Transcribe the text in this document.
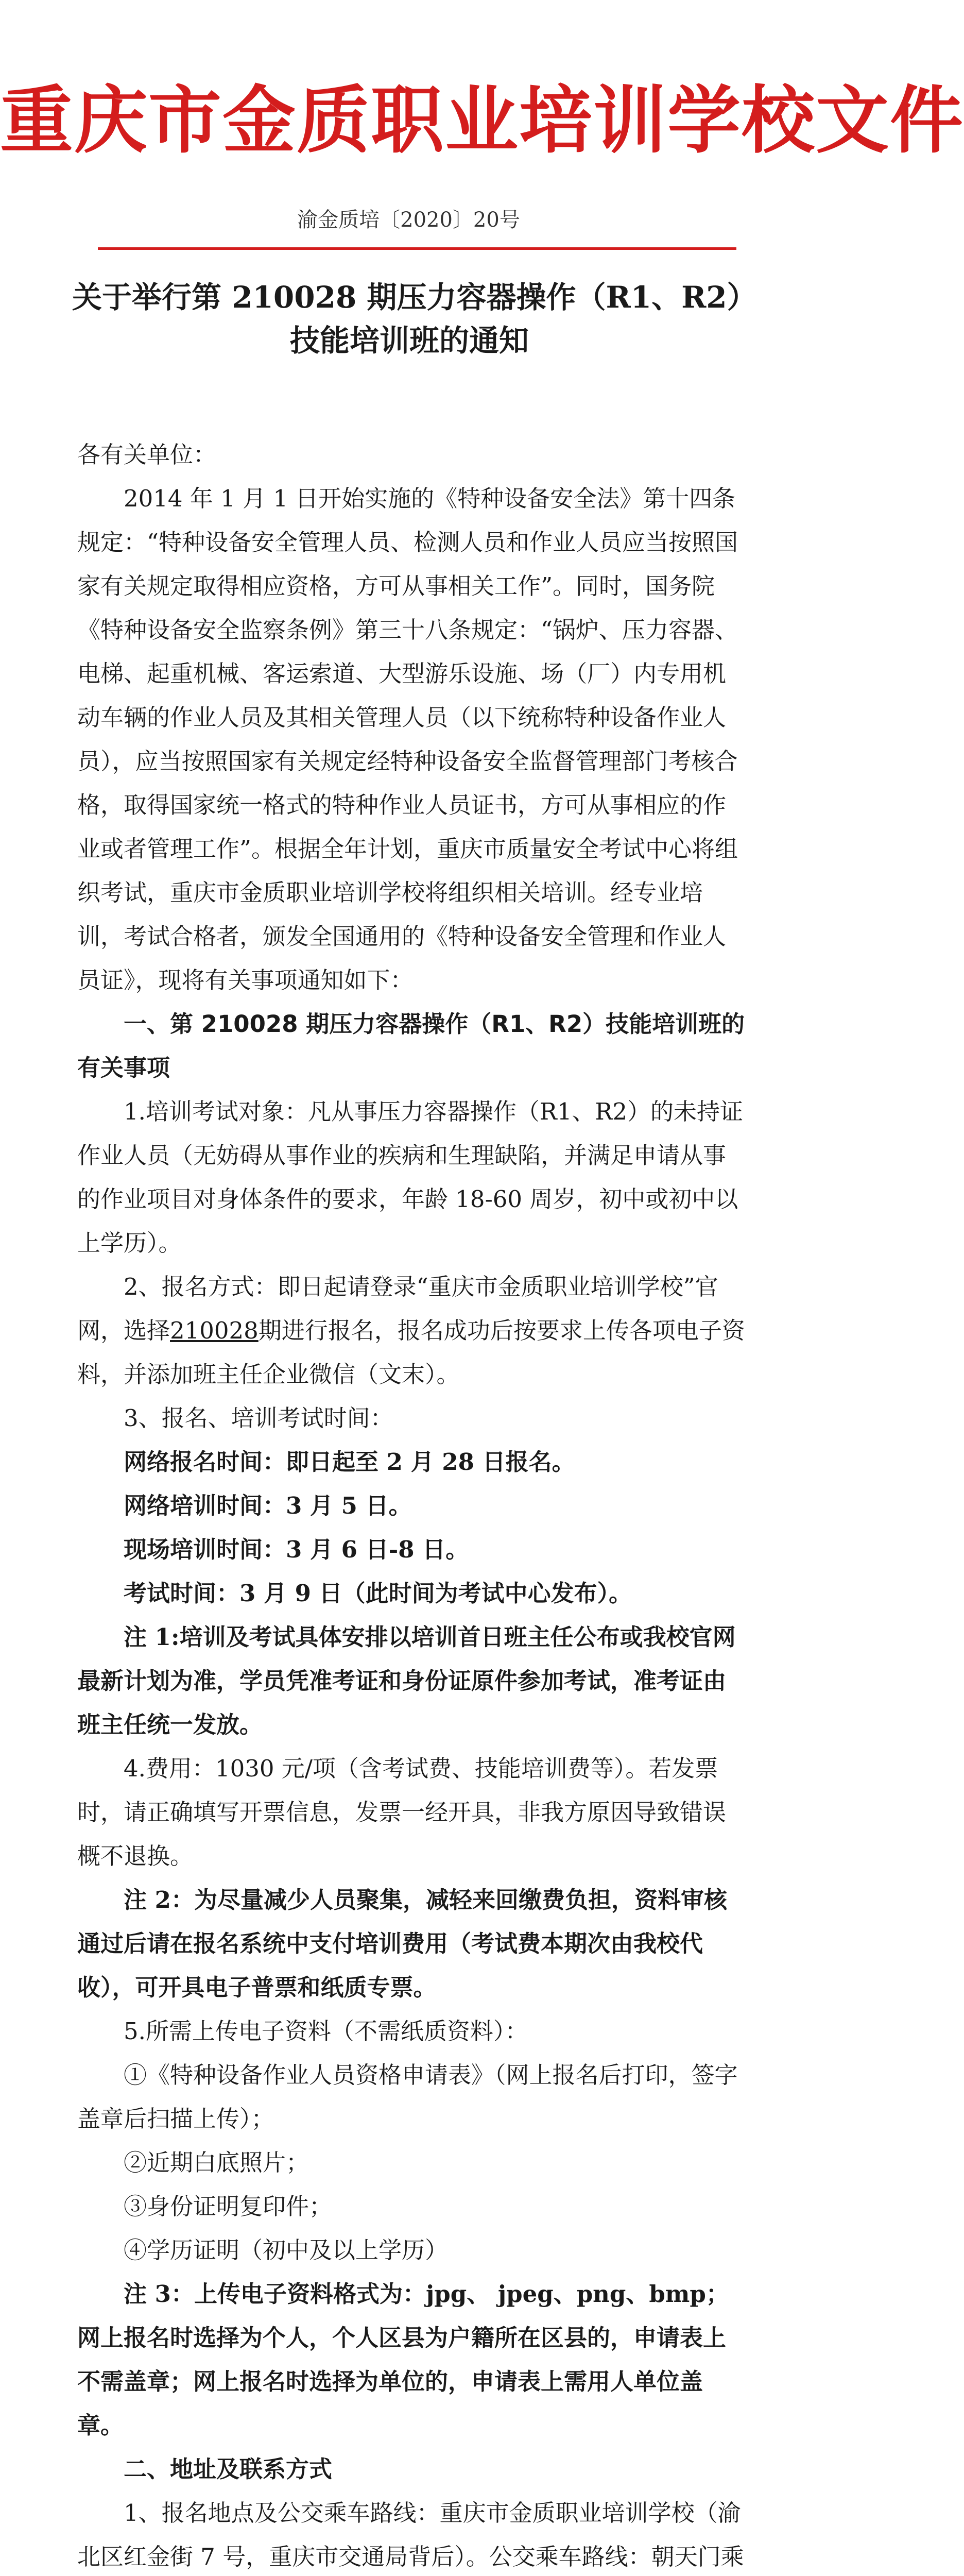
重庆市金质职业培训学校文件
渝金质培〔2020〕20号
关于举行第 210028 期压力容器操作（R1、R2）
技能培训班的通知

各有关单位：

2014 年 1 月 1 日开始实施的《特种设备安全法》第十四条规定：“特种设备安全管理人员、检测人员和作业人员应当按照国家有关规定取得相应资格，方可从事相关工作”。同时，国务院《特种设备安全监察条例》第三十八条规定：“锅炉、压力容器、电梯、起重机械、客运索道、大型游乐设施、场（厂）内专用机动车辆的作业人员及其相关管理人员（以下统称特种设备作业人员），应当按照国家有关规定经特种设备安全监督管理部门考核合格，取得国家统一格式的特种作业人员证书，方可从事相应的作业或者管理工作”。根据全年计划，重庆市质量安全考试中心将组织考试，重庆市金质职业培训学校将组织相关培训。经专业培训，考试合格者，颁发全国通用的《特种设备安全管理和作业人员证》，现将有关事项通知如下：

一、第 210028 期压力容器操作（R1、R2）技能培训班的有关事项

1.培训考试对象：凡从事压力容器操作（R1、R2）的未持证作业人员（无妨碍从事作业的疾病和生理缺陷，并满足申请从事的作业项目对身体条件的要求，年龄 18-60 周岁，初中或初中以上学历）。

2、报名方式：即日起请登录“重庆市金质职业培训学校”官网，选择210028期进行报名，报名成功后按要求上传各项电子资料，并添加班主任企业微信（文末）。

3、报名、培训考试时间：

网络报名时间：即日起至 2 月 28 日报名。

网络培训时间：3 月 5 日。

现场培训时间：3 月 6 日-8 日。

考试时间：3 月 9 日（此时间为考试中心发布）。

注 1:培训及考试具体安排以培训首日班主任公布或我校官网最新计划为准，学员凭准考证和身份证原件参加考试，准考证由班主任统一发放。

4.费用：1030 元/项（含考试费、技能培训费等）。若发票时，请正确填写开票信息，发票一经开具，非我方原因导致错误概不退换。

注 2：为尽量减少人员聚集，减轻来回缴费负担，资料审核通过后请在报名系统中支付培训费用（考试费本期次由我校代收），可开具电子普票和纸质专票。

5.所需上传电子资料（不需纸质资料）：

①《特种设备作业人员资格申请表》（网上报名后打印，签字盖章后扫描上传）；

②近期白底照片；

③身份证明复印件；

④学历证明（初中及以上学历）

注 3：上传电子资料格式为：jpg、 jpeg、png、bmp；网上报名时选择为个人，个人区县为户籍所在区县的，申请表上不需盖章；网上报名时选择为单位的，申请表上需用人单位盖章。

二、地址及联系方式

1、报名地点及公交乘车路线：重庆市金质职业培训学校（渝北区红金街 7 号，重庆市交通局背后）。公交乘车路线：朝天门乘
